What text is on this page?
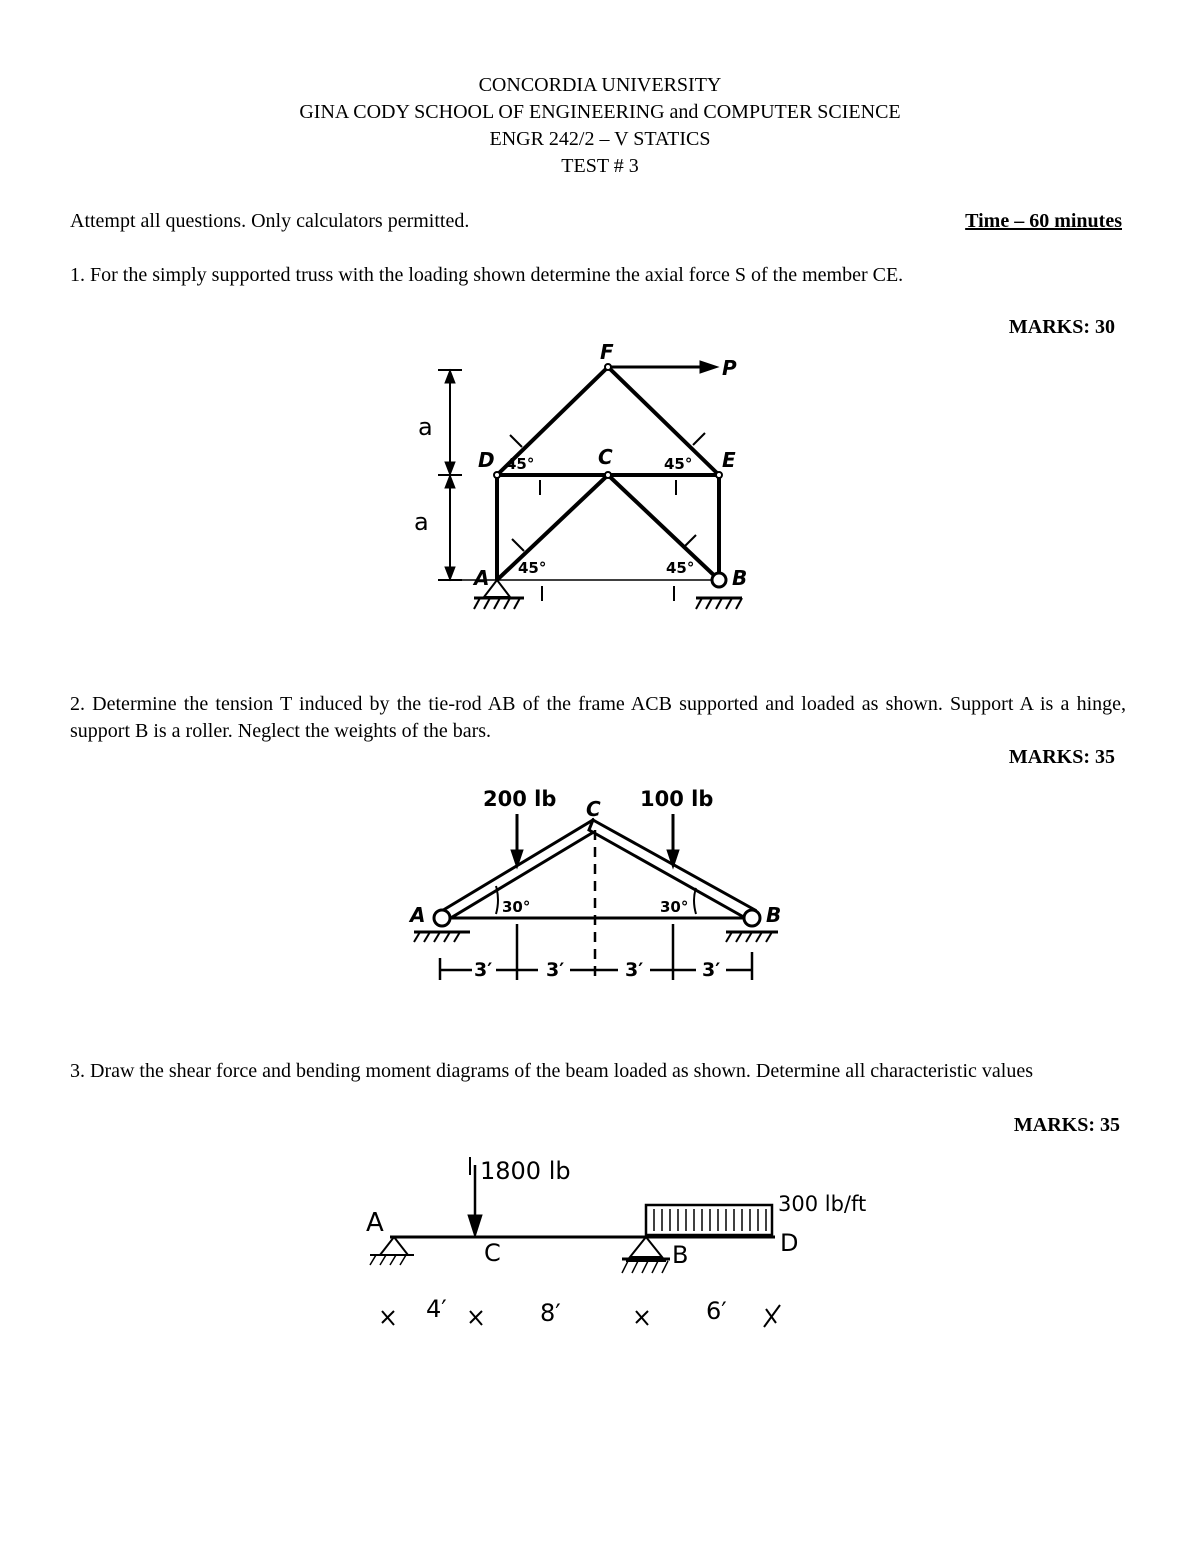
CONCORDIA UNIVERSITY
GINA CODY SCHOOL OF ENGINEERING and COMPUTER SCIENCE
ENGR 242/2 – V STATICS
TEST # 3
Attempt all questions. Only calculators permitted.	Time – 60 minutes
1. For the simply supported truss with the loading shown determine the axial force S of the member CE.
MARKS: 30
F
P
D	C	E
A	B
a
a
45°	45°
45°	45°
2. Determine the tension T induced by the tie-rod AB of the frame ACB supported and loaded as shown. Support A is a hinge, support B is a roller. Neglect the weights of the bars.
MARKS: 35
200 lb	100 lb
C
A	B
30°	30°
3′	3′	3′	3′
3. Draw the shear force and bending moment diagrams of the beam loaded as shown. Determine all characteristic values
MARKS: 35
1800 lb
300 lb/ft
A
C	B	D
4′	8′	6′
